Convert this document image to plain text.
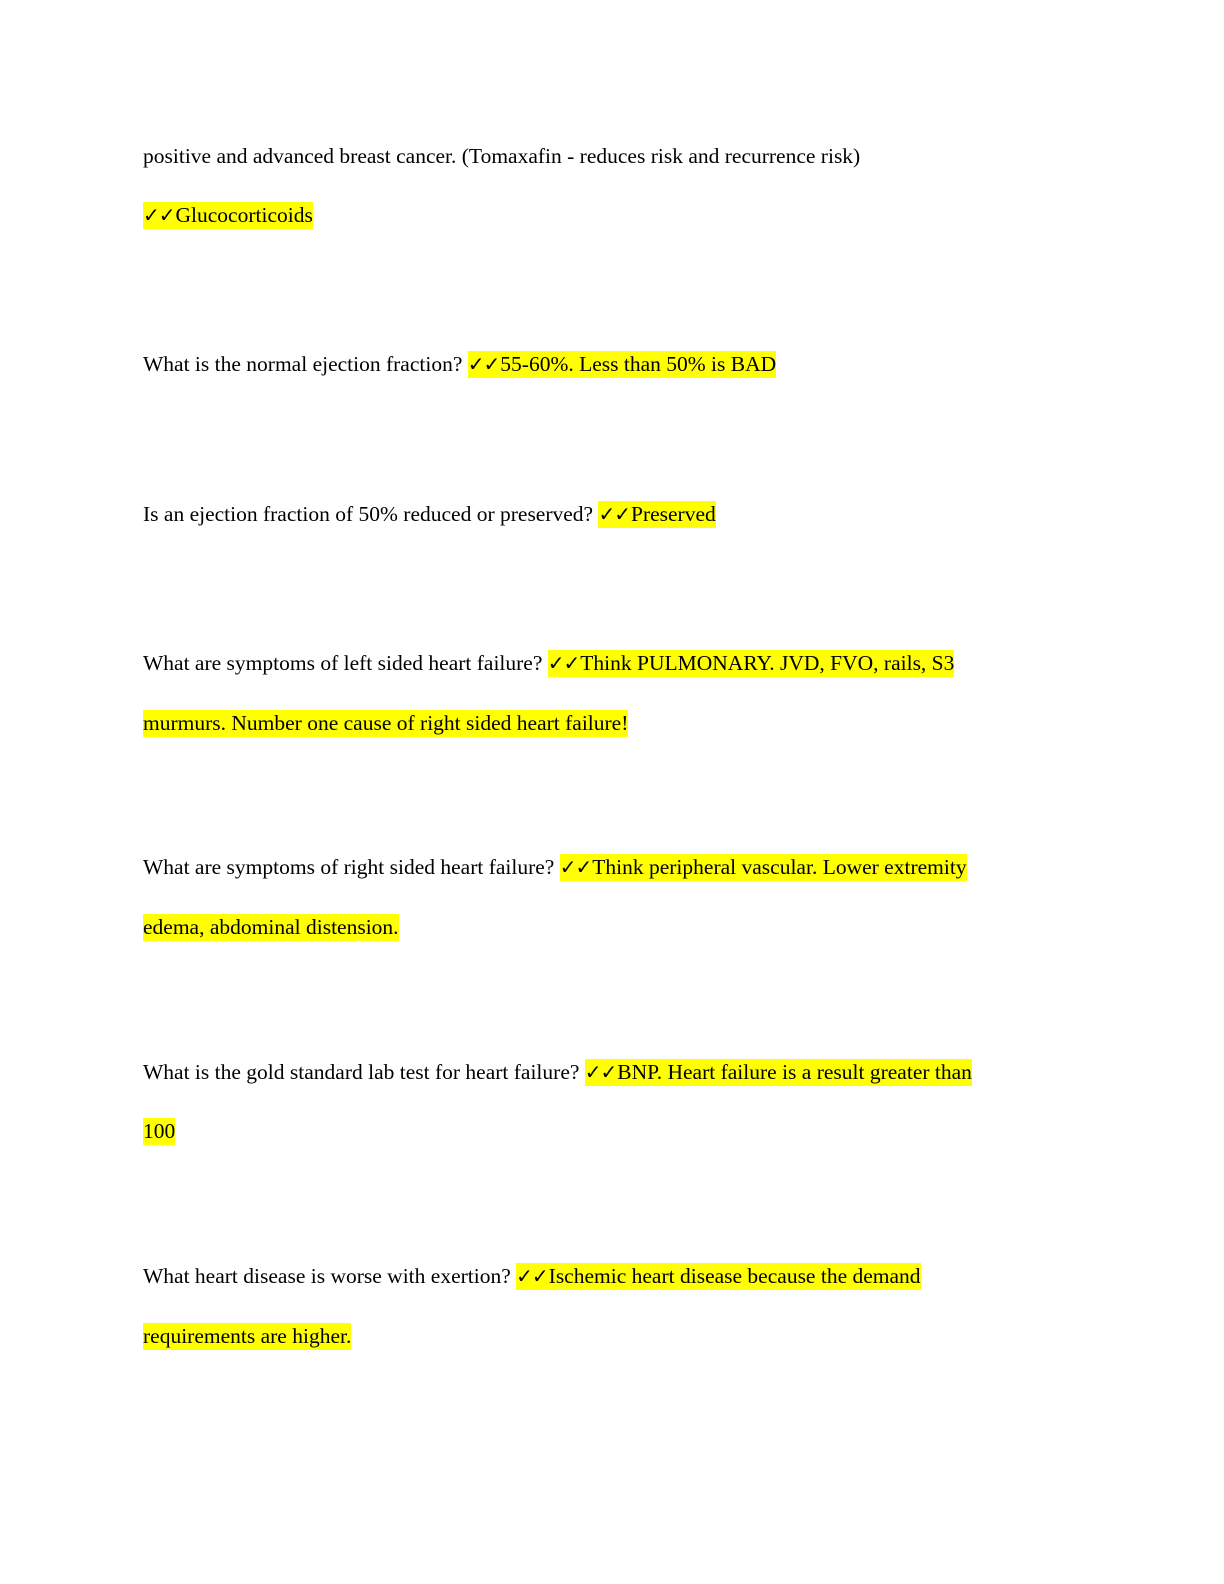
positive and advanced breast cancer. (Tomaxafin - reduces risk and recurrence risk)
✓✓Glucocorticoids
What is the normal ejection fraction? ✓✓55-60%. Less than 50% is BAD
Is an ejection fraction of 50% reduced or preserved? ✓✓Preserved
What are symptoms of left sided heart failure? ✓✓Think PULMONARY. JVD, FVO, rails, S3
murmurs. Number one cause of right sided heart failure!
What are symptoms of right sided heart failure? ✓✓Think peripheral vascular. Lower extremity
edema, abdominal distension.
What is the gold standard lab test for heart failure? ✓✓BNP. Heart failure is a result greater than
100
What heart disease is worse with exertion? ✓✓Ischemic heart disease because the demand
requirements are higher.
